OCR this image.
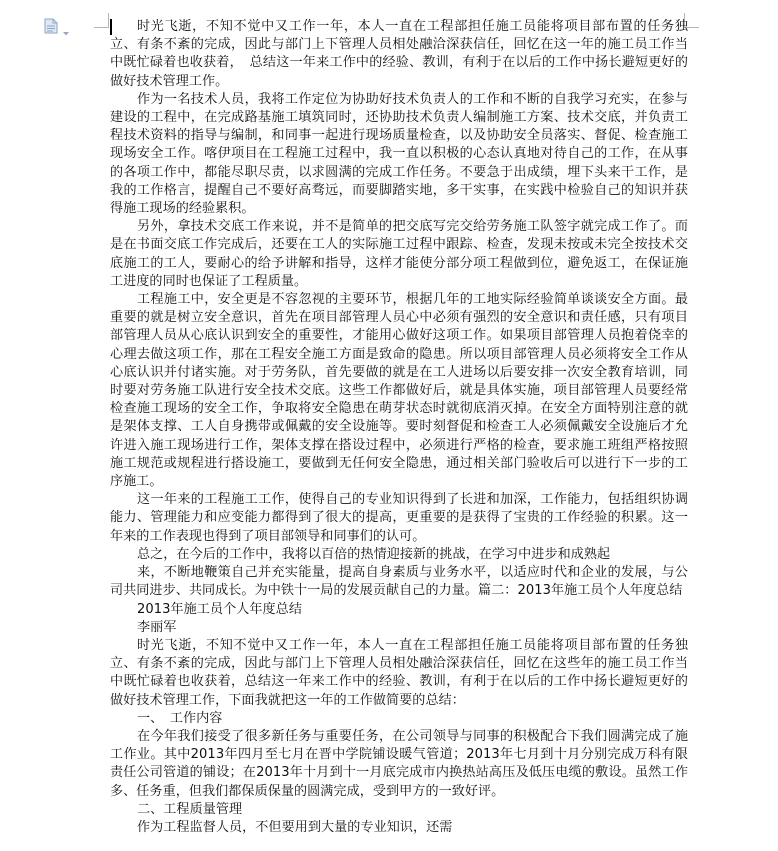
时光飞逝，不知不觉中又工作一年，本人一直在工程部担任施工员能将项目部布置的任务独立、有条不紊的完成，因此与部门上下管理人员相处融洽深获信任，回忆在这一年的施工员工作当中既忙碌着也收获着，　总结这一年来工作中的经验、教训，有利于在以后的工作中扬长避短更好的做好技术管理工作。

作为一名技术人员，我将工作定位为协助好技术负责人的工作和不断的自我学习充实，在参与建设的工程中，在完成路基施工填筑同时，还协助技术负责人编制施工方案、技术交底，并负责工程技术资料的指导与编制，和同事一起进行现场质量检查，以及协助安全员落实、督促、检查施工现场安全工作。喀伊项目在工程施工过程中，我一直以积极的心态认真地对待自己的工作，在从事的各项工作中，都能尽职尽责，以求圆满的完成工作任务。不要急于出成绩，埋下头来干工作，是我的工作格言，提醒自己不要好高骛远，而要脚踏实地，多干实事，在实践中检验自己的知识并获得施工现场的经验累积。

另外，拿技术交底工作来说，并不是简单的把交底写完交给劳务施工队签字就完成工作了。而是在书面交底工作完成后，还要在工人的实际施工过程中跟踪、检查，发现未按或未完全按技术交底施工的工人，要耐心的给予讲解和指导，这样才能使分部分项工程做到位，避免返工，在保证施工进度的同时也保证了工程质量。

工程施工中，安全更是不容忽视的主要环节，根据几年的工地实际经验简单谈谈安全方面。最重要的就是树立安全意识，首先在项目部管理人员心中必须有强烈的安全意识和责任感，只有项目部管理人员从心底认识到安全的重要性，才能用心做好这项工作。如果项目部管理人员抱着侥幸的心理去做这项工作，那在工程安全施工方面是致命的隐患。所以项目部管理人员必须将安全工作从心底认识并付诸实施。对于劳务队，首先要做的就是在工人进场以后要安排一次安全教育培训，同时要对劳务施工队进行安全技术交底。这些工作都做好后，就是具体实施，项目部管理人员要经常检查施工现场的安全工作，争取将安全隐患在萌芽状态时就彻底消灭掉。在安全方面特别注意的就是架体支撑、工人自身携带或佩戴的安全设施等。要时刻督促和检查工人必须佩戴安全设施后才允许进入施工现场进行工作，架体支撑在搭设过程中，必须进行严格的检查，要求施工班组严格按照施工规范或规程进行搭设施工，要做到无任何安全隐患，通过相关部门验收后可以进行下一步的工序施工。

这一年来的工程施工工作，使得自己的专业知识得到了长进和加深，工作能力，包括组织协调能力、管理能力和应变能力都得到了很大的提高，更重要的是获得了宝贵的工作经验的积累。这一年来的工作表现也得到了项目部领导和同事们的认可。

总之，在今后的工作中，我将以百倍的热情迎接新的挑战，在学习中进步和成熟起

来，不断地鞭策自己并充实能量，提高自身素质与业务水平，以适应时代和企业的发展，与公司共同进步、共同成长。为中铁十一局的发展贡献自己的力量。篇二：2013年施工员个人年度总结

2013年施工员个人年度总结

李丽军

时光飞逝，不知不觉中又工作一年，本人一直在工程部担任施工员能将项目部布置的任务独立、有条不紊的完成，因此与部门上下管理人员相处融洽深获信任，回忆在这些年的施工员工作当中既忙碌着也收获着，总结这一年来工作中的经验、教训，有利于在以后的工作中扬长避短更好的做好技术管理工作，下面我就把这一年的工作做简要的总结：

一、　工作内容

在今年我们接受了很多新任务与重要任务，在公司领导与同事的积极配合下我们圆满完成了施工作业。其中2013年四月至七月在晋中学院铺设暖气管道；2013年七月到十月分别完成万科有限责任公司管道的铺设；在2013年十月到十一月底完成市内换热站高压及低压电缆的敷设。虽然工作多、任务重，但我们都保质保量的圆满完成，受到甲方的一致好评。

二、工程质量管理

作为工程监督人员，不但要用到大量的专业知识，还需
